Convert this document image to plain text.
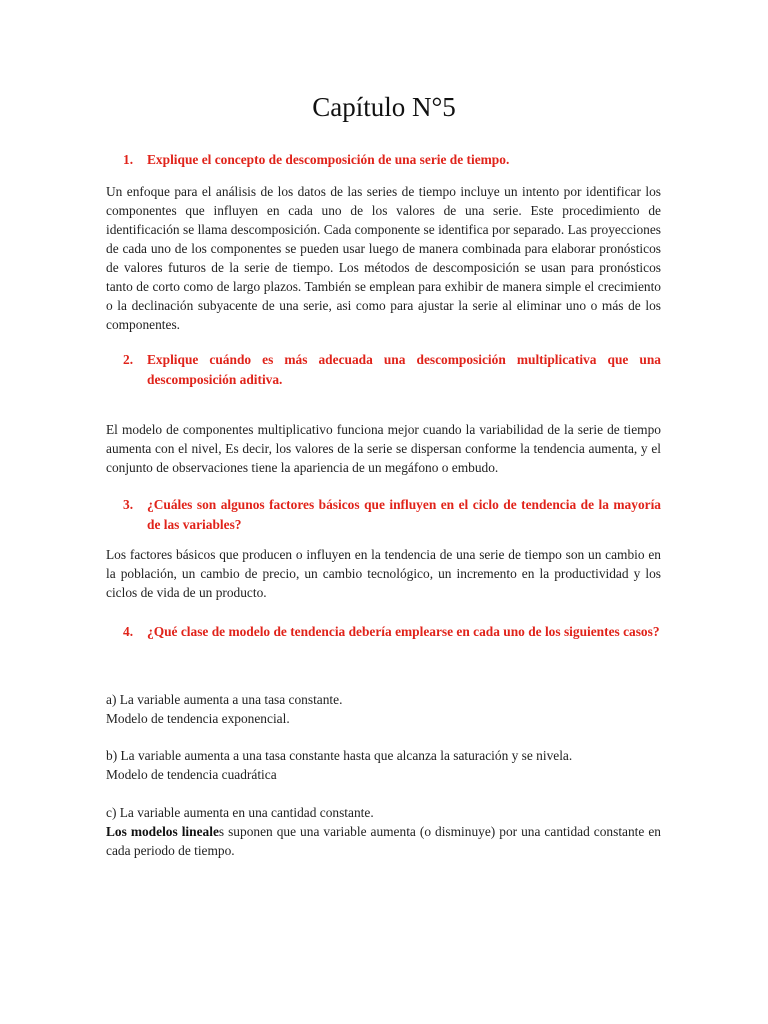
Capítulo N°5
1.	Explique el concepto de descomposición de una serie de tiempo.

Un enfoque para el análisis de los datos de las series de tiempo incluye un intento por identificar los componentes que influyen en cada uno de los valores de una serie. Este procedimiento de identificación se llama descomposición. Cada componente se identifica por separado. Las proyecciones de cada uno de los componentes se pueden usar luego de manera combinada para elaborar pronósticos de valores futuros de la serie de tiempo. Los métodos de descomposición se usan para pronósticos tanto de corto como de largo plazos. También se emplean para exhibir de manera simple el crecimiento o la declinación subyacente de una serie, asi como para ajustar la serie al eliminar uno o más de los componentes.

2.	Explique cuándo es más adecuada una descomposición multiplicativa que una descomposición aditiva.

El modelo de componentes multiplicativo funciona mejor cuando la variabilidad de la serie de tiempo aumenta con el nivel, Es decir, los valores de la serie se dispersan conforme la tendencia aumenta, y el conjunto de observaciones tiene la apariencia de un megáfono o embudo.

3.	¿Cuáles son algunos factores básicos que influyen en el ciclo de tendencia de la mayoría de las variables?

Los factores básicos que producen o influyen en la tendencia de una serie de tiempo son un cambio en la población, un cambio de precio, un cambio tecnológico, un incremento en la productividad y los ciclos de vida de un producto.

4.	¿Qué clase de modelo de tendencia debería emplearse en cada uno de los siguientes casos?
a) La variable aumenta a una tasa constante.
Modelo de tendencia exponencial.
b) La variable aumenta a una tasa constante hasta que alcanza la saturación y se nivela.
Modelo de tendencia cuadrática
c) La variable aumenta en una cantidad constante.
Los modelos lineales suponen que una variable aumenta (o disminuye) por una cantidad constante en cada periodo de tiempo.
